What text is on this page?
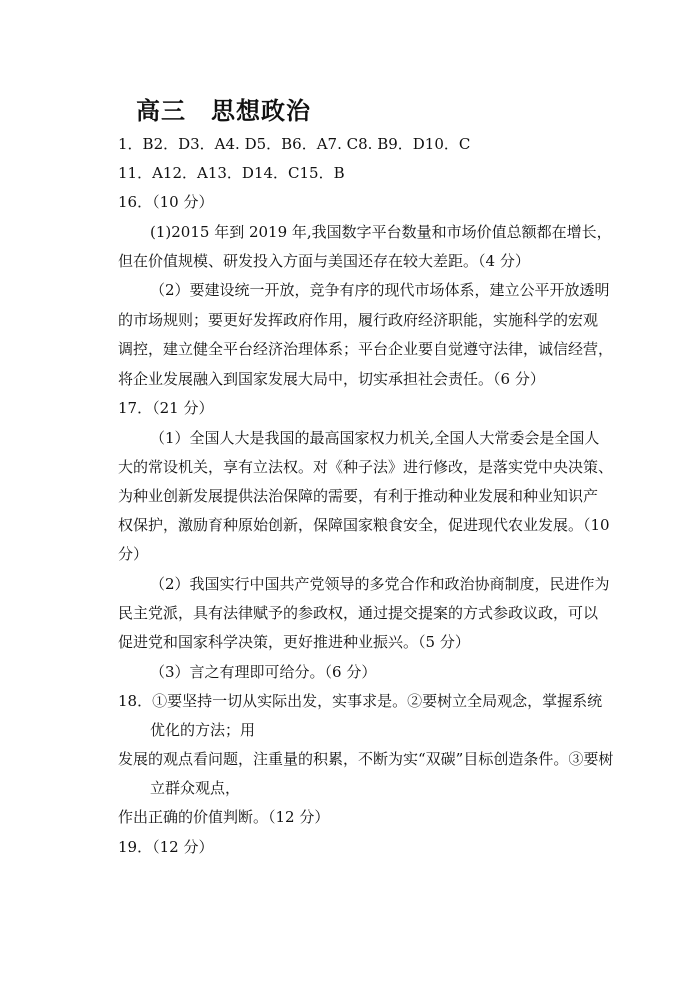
高三　思想政治
1．B2．D3．A4. D5．B6．A7. C8. B9．D10．C
11．A12．A13．D14．C15．B
16．（10 分）
(1)2015 年到 2019 年,我国数字平台数量和市场价值总额都在增长，
但在价值规模、研发投入方面与美国还存在较大差距。（4 分）
（2）要建设统一开放，竞争有序的现代市场体系，建立公平开放透明
的市场规则；要更好发挥政府作用，履行政府经济职能，实施科学的宏观
调控，建立健全平台经济治理体系；平台企业要自觉遵守法律，诚信经营，
将企业发展融入到国家发展大局中，切实承担社会责任。（6 分）
17．（21 分）
（1）全国人大是我国的最高国家权力机关,全国人大常委会是全国人
大的常设机关，享有立法权。对《种子法》进行修改，是落实党中央决策、
为种业创新发展提供法治保障的需要，有利于推动种业发展和种业知识产
权保护，激励育种原始创新，保障国家粮食安全，促进现代农业发展。（10
分）
（2）我国实行中国共产党领导的多党合作和政治协商制度，民进作为
民主党派，具有法律赋予的参政权，通过提交提案的方式参政议政，可以
促进党和国家科学决策，更好推进种业振兴。（5 分）
（3）言之有理即可给分。（6 分）
18．①要坚持一切从实际出发，实事求是。②要树立全局观念，掌握系统
优化的方法；用
发展的观点看问题，注重量的积累，不断为实“双碳”目标创造条件。③要树
立群众观点，
作出正确的价值判断。（12 分）
19．（12 分）
